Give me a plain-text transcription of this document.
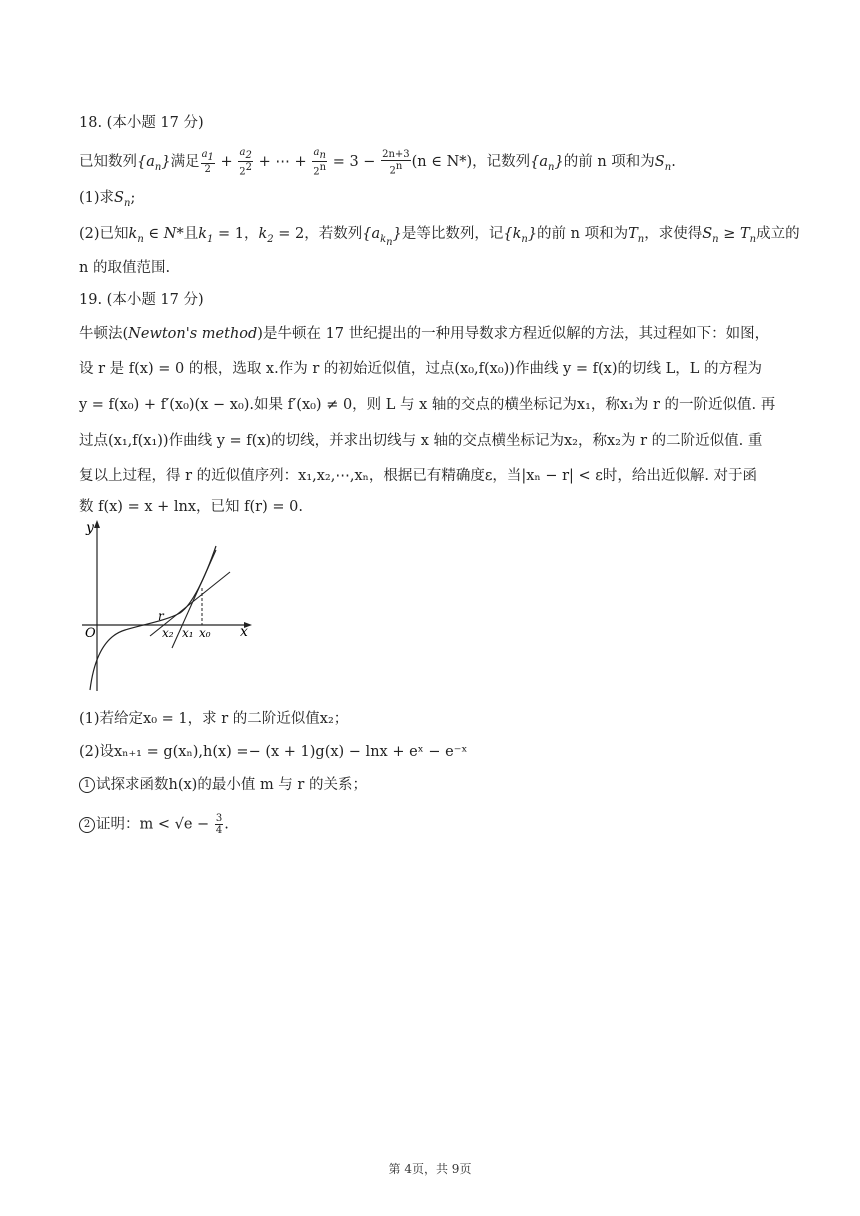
18. (本小题 17 分)
已知数列$\{a_n\}$满足 $\frac{a_1}{2} + \frac{a_2}{2^2}$ + ⋯ + $\frac{a_n}{2^n} = 3 - \frac{2n+3}{2^n} (n$ ∈ N*)，记数列$\{a_n\}$的前 n 项和为$S_n$.
(1)求$S_n$;
(2)已知$k_n$ ∈ N*且$k_1 = 1$，$k_2 = 2$，若数列$\{a_{k_n}\}$是等比数列，记$\{k_n\}$的前 n 项和为$T_n$，求使得$S_n \ge T_n$成立的
n 的取值范围.
19. (本小题 17 分)
牛顿法(Newton's method)是牛顿在 17 世纪提出的一种用导数求方程近似解的方法，其过程如下：如图，
设 r 是 f(x) = 0 的根，选取 x.作为 r 的初始近似值，过点(x₀,f(x₀))作曲线 y = f(x)的切线 L，L 的方程为
y = f(x₀) + f′(x₀)(x − x₀).如果 f′(x₀) ≠ 0，则 L 与 x 轴的交点的横坐标记为x₁，称x₁为 r 的一阶近似值. 再
过点(x₁,f(x₁))作曲线 y = f(x)的切线，并求出切线与 x 轴的交点横坐标记为x₂，称x₂为 r 的二阶近似值. 重
复以上过程，得 r 的近似值序列：x₁,x₂,⋯,xₙ，根据已有精确度ε，当|xₙ − r| < ε时，给出近似解. 对于函
数 f(x) = x + lnx，已知 f(r) = 0.
y
x
O
r
x₂ x₁ x₀
(1)若给定x₀ = 1，求 r 的二阶近似值x₂；
(2)设xₙ₊₁ = g(xₙ),h(x) =− (x + 1)g(x) − lnx + eˣ − e⁻ˣ
1 试探求函数h(x)的最小值 m 与 r 的关系；
2 证明：$m < √e - \frac{3}{4}$ .
第 4页，共 9页
